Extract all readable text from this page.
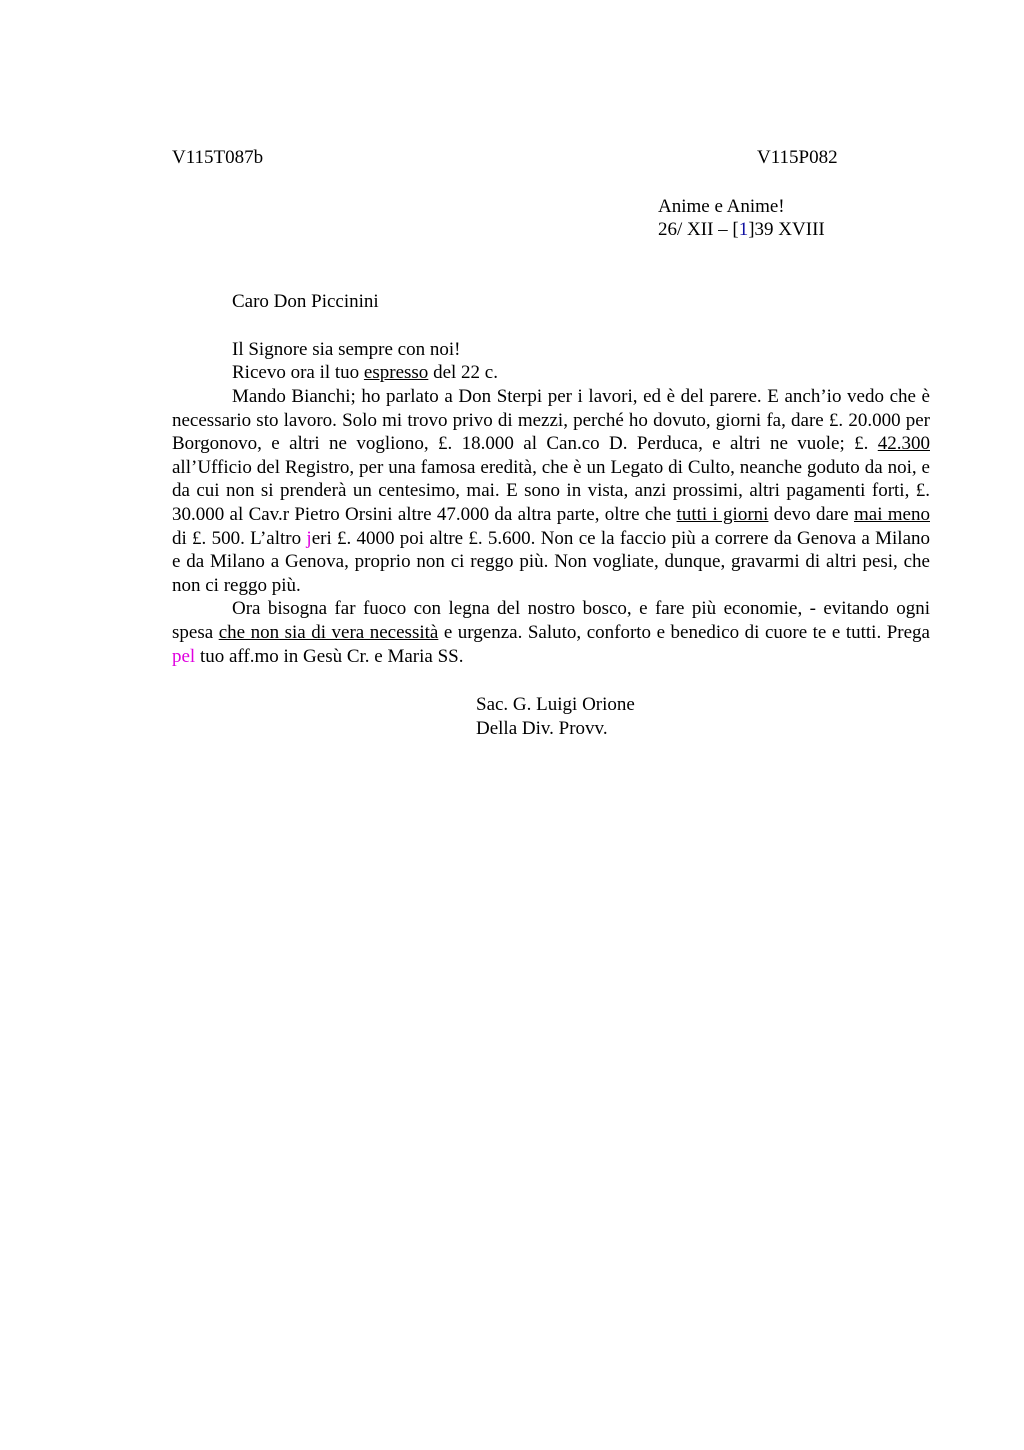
V115T087b	V115P082
Anime e Anime!
26/ XII – [1]39 XVIII
Caro Don Piccinini
Il Signore sia sempre con noi!
Ricevo ora il tuo espresso del 22 c.

Mando Bianchi; ho parlato a Don Sterpi per i lavori, ed è del parere. E anch’io vedo che è necessario sto lavoro. Solo mi trovo privo di mezzi, perché ho dovuto, giorni fa, dare £. 20.000 per Borgonovo, e altri ne vogliono, £. 18.000 al Can.co D. Perduca, e altri ne vuole; £. 42.300 all’Ufficio del Registro, per una famosa eredità, che è un Legato di Culto, neanche goduto da noi, e da cui non si prenderà un centesimo, mai. E sono in vista, anzi prossimi, altri pagamenti forti, £. 30.000 al Cav.r Pietro Orsini altre 47.000 da altra parte, oltre che tutti i giorni devo dare mai meno di £. 500. L’altro jeri £. 4000 poi altre £. 5.600. Non ce la faccio più a correre da Genova a Milano e da Milano a Genova, proprio non ci reggo più. Non vogliate, dunque, gravarmi di altri pesi, che non ci reggo più.

Ora bisogna far fuoco con legna del nostro bosco, e fare più economie, - evitando ogni spesa che non sia di vera necessità e urgenza. Saluto, conforto e benedico di cuore te e tutti. Prega pel tuo aff.mo in Gesù Cr. e Maria SS.

Sac. G. Luigi Orione
Della Div. Provv.
